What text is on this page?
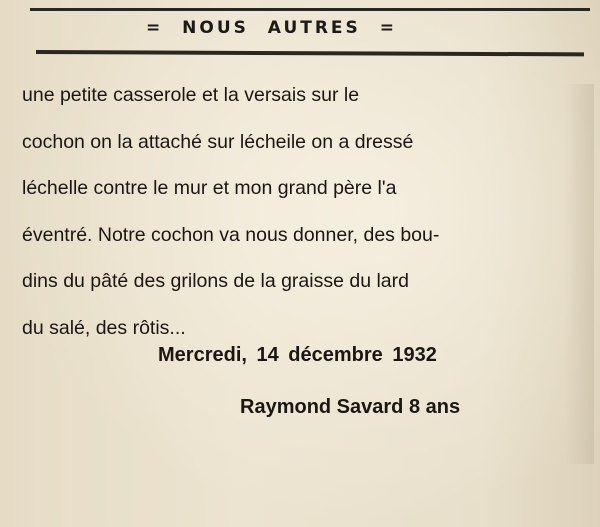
= NOUS AUTRES =
une petite casserole et la versais sur le
cochon on la attaché sur lécheile on a dressé
léchelle contre le mur et mon grand père l'a
éventré. Notre cochon va nous donner, des bou-
dins du pâté des grilons de la graisse du lard
du salé, des rôtis...
Mercredi, 14 décembre 1932
Raymond Savard 8 ans
